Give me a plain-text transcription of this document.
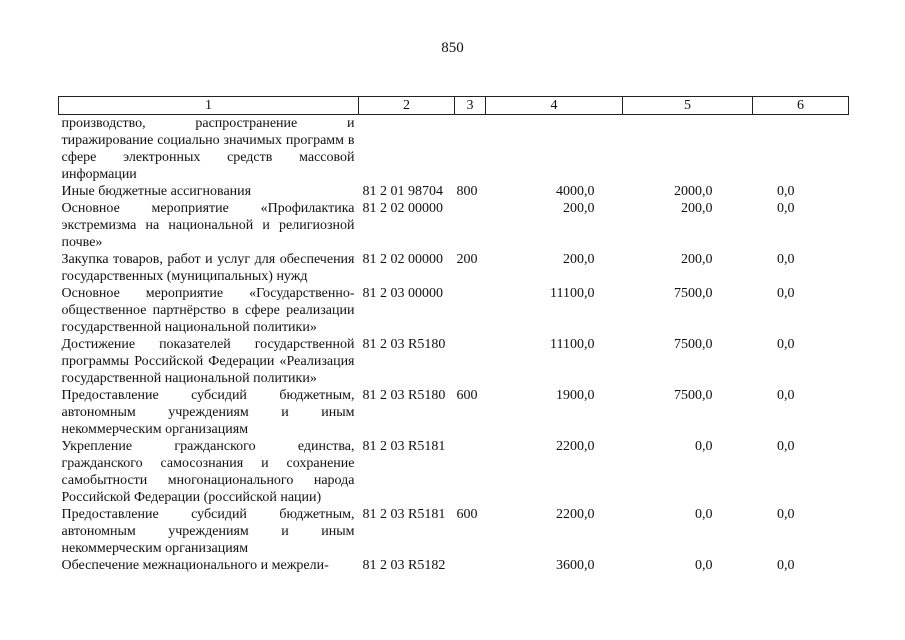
850
1	2	3	4	5	6
производство, распространение и тиражирование социально значимых программ в сфере электронных средств массовой информации					
Иные бюджетные ассигнования	81 2 01 98704	800	4000,0	2000,0	0,0
Основное мероприятие «Профилактика экстремизма на национальной и религиозной почве»	81 2 02 00000		200,0	200,0	0,0
Закупка товаров, работ и услуг для обеспечения государственных (муниципальных) нужд	81 2 02 00000	200	200,0	200,0	0,0
Основное мероприятие «Государственно-общественное партнёрство в сфере реализации государственной национальной политики»	81 2 03 00000		11100,0	7500,0	0,0
Достижение показателей государственной программы Российской Федерации «Реализация государственной национальной политики»	81 2 03 R5180		11100,0	7500,0	0,0
Предоставление субсидий бюджетным, автономным учреждениям и иным некоммерческим организациям	81 2 03 R5180	600	1900,0	7500,0	0,0
Укрепление гражданского единства, гражданского самосознания и сохранение самобытности многонационального народа Российской Федерации (российской нации)	81 2 03 R5181		2200,0	0,0	0,0
Предоставление субсидий бюджетным, автономным учреждениям и иным некоммерческим организациям	81 2 03 R5181	600	2200,0	0,0	0,0
Обеспечение межнационального и межрели-	81 2 03 R5182		3600,0	0,0	0,0
